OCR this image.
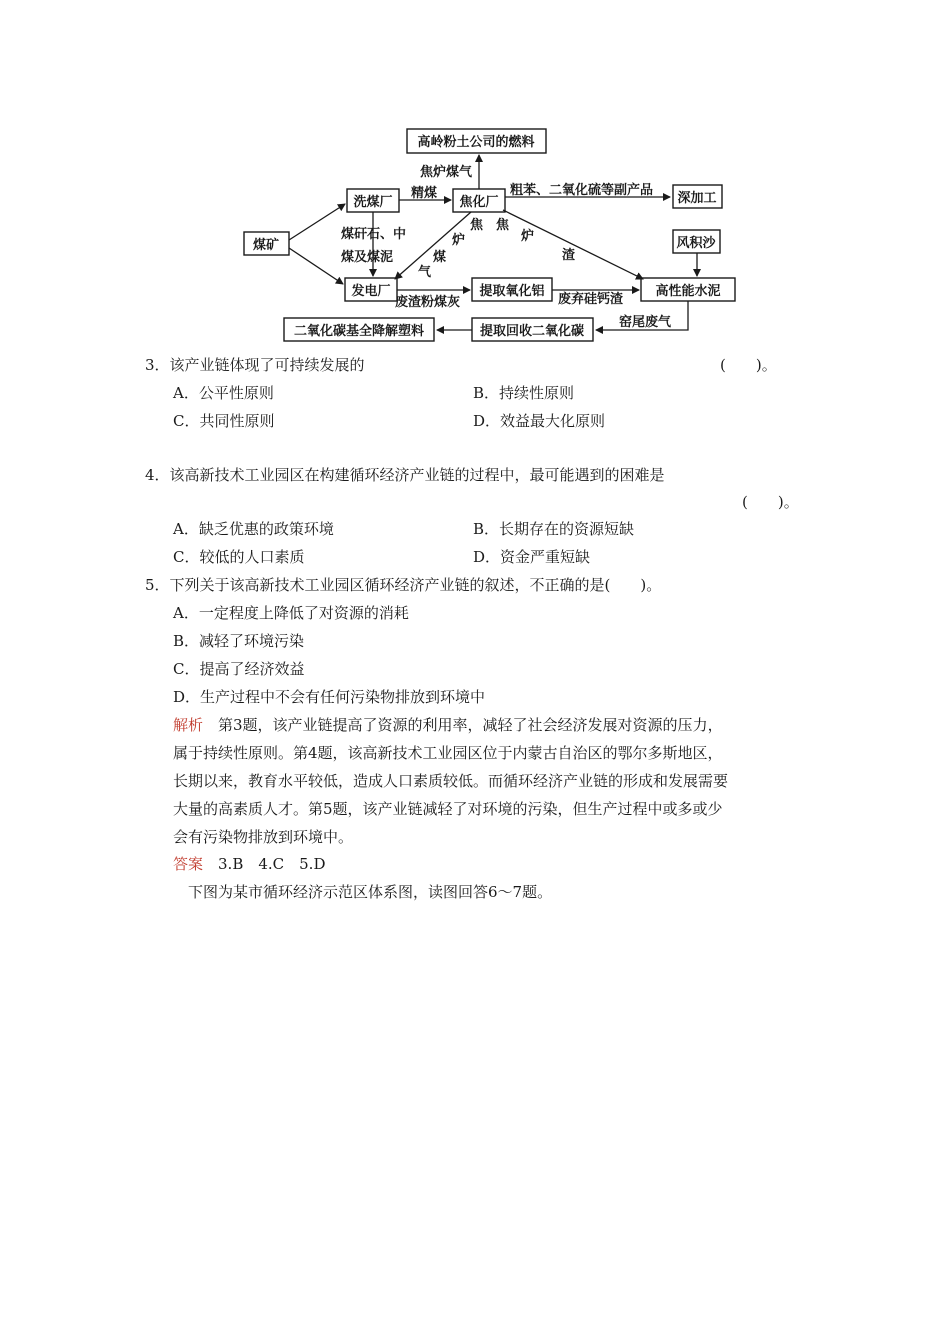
高岭粉土公司的燃料
洗煤厂	焦化厂	深加工
煤矿	风积沙
发电厂	提取氧化铝	高性能水泥
二氧化碳基全降解塑料	提取回收二氧化碳
焦炉煤气
精煤	粗苯、二氧化硫等副产品
煤矸石、中
煤及煤泥
焦
炉
煤
气
焦
炉
渣
废渣粉煤灰	废弃硅钙渣
窑尾废气
3．该产业链体现了可持续发展的	(　　)。
A．公平性原则	B．持续性原则
C．共同性原则	D．效益最大化原则
4．该高新技术工业园区在构建循环经济产业链的过程中，最可能遇到的困难是
(　　)。
A．缺乏优惠的政策环境	B．长期存在的资源短缺
C．较低的人口素质	D．资金严重短缺
5．下列关于该高新技术工业园区循环经济产业链的叙述，不正确的是(　　)。
A．一定程度上降低了对资源的消耗
B．减轻了环境污染
C．提高了经济效益
D．生产过程中不会有任何污染物排放到环境中
解析　第3题，该产业链提高了资源的利用率，减轻了社会经济发展对资源的压力，
属于持续性原则。第4题，该高新技术工业园区位于内蒙古自治区的鄂尔多斯地区，
长期以来，教育水平较低，造成人口素质较低。而循环经济产业链的形成和发展需要
大量的高素质人才。第5题，该产业链减轻了对环境的污染，但生产过程中或多或少
会有污染物排放到环境中。
答案　3.B　4.C　5.D
下图为某市循环经济示范区体系图，读图回答6～7题。
